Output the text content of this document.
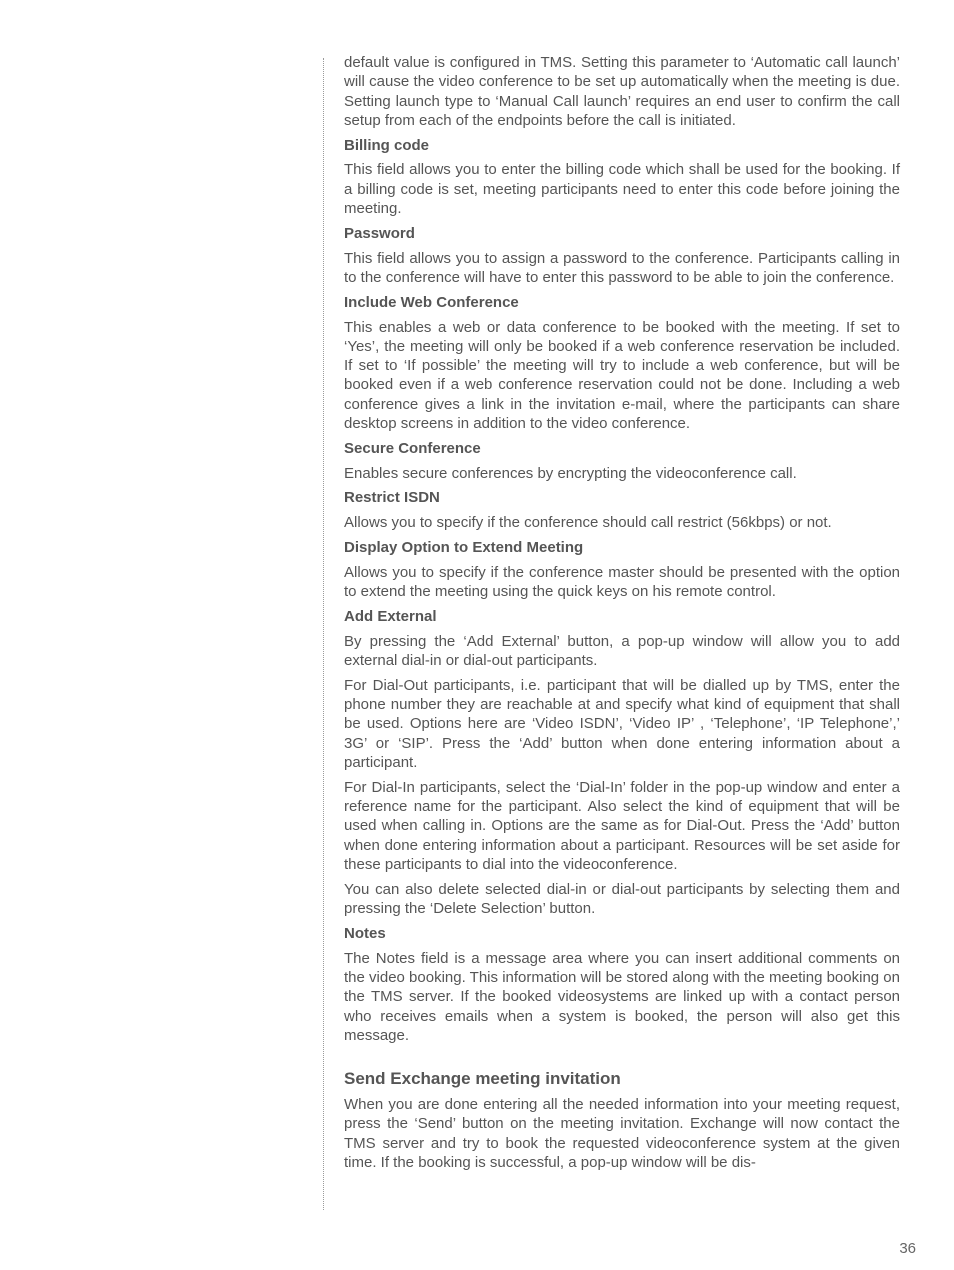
default value is configured in TMS. Setting this parameter to ‘Automatic call launch’ will cause the video conference to be set up automatically when the meeting is due. Setting launch type to ‘Manual Call launch’ requires an end user to confirm the call setup from each of the endpoints before the call is initiated.

Billing code

This field allows you to enter the billing code which shall be used for the booking. If a billing code is set, meeting participants need to enter this code before joining the meeting.

Password

This field allows you to assign a password to the conference. Participants calling in to the conference will have to enter this password to be able to join the conference.

Include Web Conference

This enables a web or data conference to be booked with the meeting. If set to ‘Yes’, the meeting will only be booked if a web conference reservation be included. If set to ‘If possible’ the meeting will try to include a web conference, but will be booked even if a web conference reservation could not be done. Including a web conference gives a link in the invitation e-mail, where the participants can share desktop screens in addition to the video conference.

Secure Conference

Enables secure conferences by encrypting the videoconference call.

Restrict ISDN

Allows you to specify if the conference should call restrict (56kbps) or not.

Display Option to Extend Meeting

Allows you to specify if the conference master should be presented with the option to extend the meeting using the quick keys on his remote control.

Add External

By pressing the ‘Add External’ button, a pop-up window will allow you to add external dial-in or dial-out participants.

For Dial-Out participants, i.e. participant that will be dialled up by TMS, enter the phone number they are reachable at and specify what kind of equipment that shall be used. Options here are ‘Video ISDN’, ‘Video IP’ , ‘Telephone’, ‘IP Telephone’,’ 3G’ or ‘SIP’. Press the ‘Add’ button when done entering information about a participant.

For Dial-In participants, select the ‘Dial-In’ folder in the pop-up window and enter a reference name for the participant. Also select the kind of equipment that will be used when calling in. Options are the same as for Dial-Out. Press the ‘Add’ button when done entering information about a participant. Resources will be set aside for these participants to dial into the videoconference.

You can also delete selected dial-in or dial-out participants by selecting them and pressing the ‘Delete Selection’ button.

Notes

The Notes field is a message area where you can insert additional comments on the video booking. This information will be stored along with the meeting booking on the TMS server. If the booked videosystems are linked up with a contact person who receives emails when a system is booked, the person will also get this message.

Send Exchange meeting invitation

When you are done entering all the needed information into your meeting request, press the ‘Send’ button on the meeting invitation. Exchange will now contact the TMS server and try to book the requested videoconference system at the given time. If the booking is successful, a pop-up window will be dis-

36
